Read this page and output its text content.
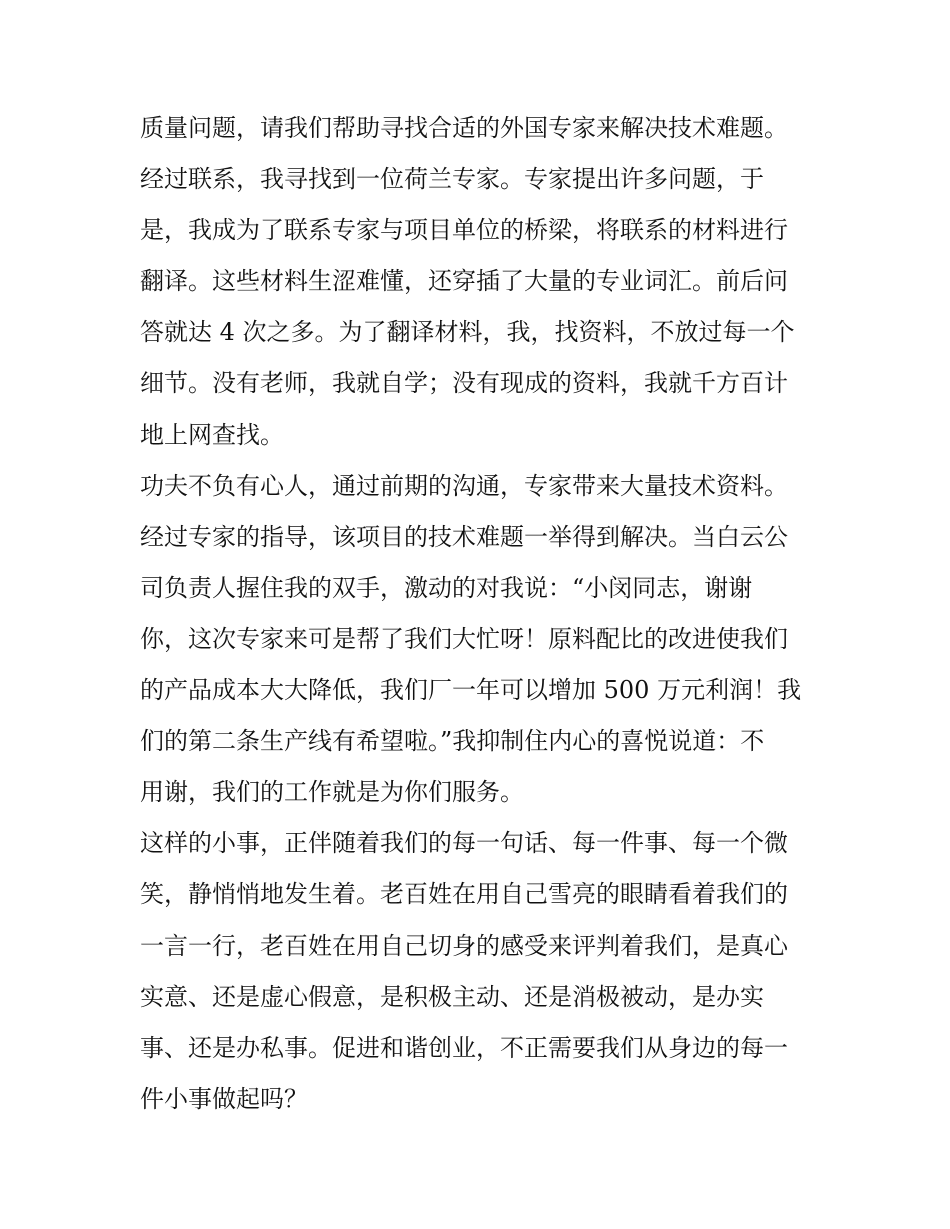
质量问题，请我们帮助寻找合适的外国专家来解决技术难题。
经过联系，我寻找到一位荷兰专家。专家提出许多问题，于
是，我成为了联系专家与项目单位的桥梁，将联系的材料进行
翻译。这些材料生涩难懂，还穿插了大量的专业词汇。前后问
答就达 4 次之多。为了翻译材料，我，找资料，不放过每一个
细节。没有老师，我就自学；没有现成的资料，我就千方百计
地上网查找。
功夫不负有心人，通过前期的沟通，专家带来大量技术资料。
经过专家的指导，该项目的技术难题一举得到解决。当白云公
司负责人握住我的双手，激动的对我说：“小闵同志，谢谢
你，这次专家来可是帮了我们大忙呀！原料配比的改进使我们
的产品成本大大降低，我们厂一年可以增加 500 万元利润！我
们的第二条生产线有希望啦。”我抑制住内心的喜悦说道：不
用谢，我们的工作就是为你们服务。
这样的小事，正伴随着我们的每一句话、每一件事、每一个微
笑，静悄悄地发生着。老百姓在用自己雪亮的眼睛看着我们的
一言一行，老百姓在用自己切身的感受来评判着我们，是真心
实意、还是虚心假意，是积极主动、还是消极被动，是办实
事、还是办私事。促进和谐创业，不正需要我们从身边的每一
件小事做起吗？
